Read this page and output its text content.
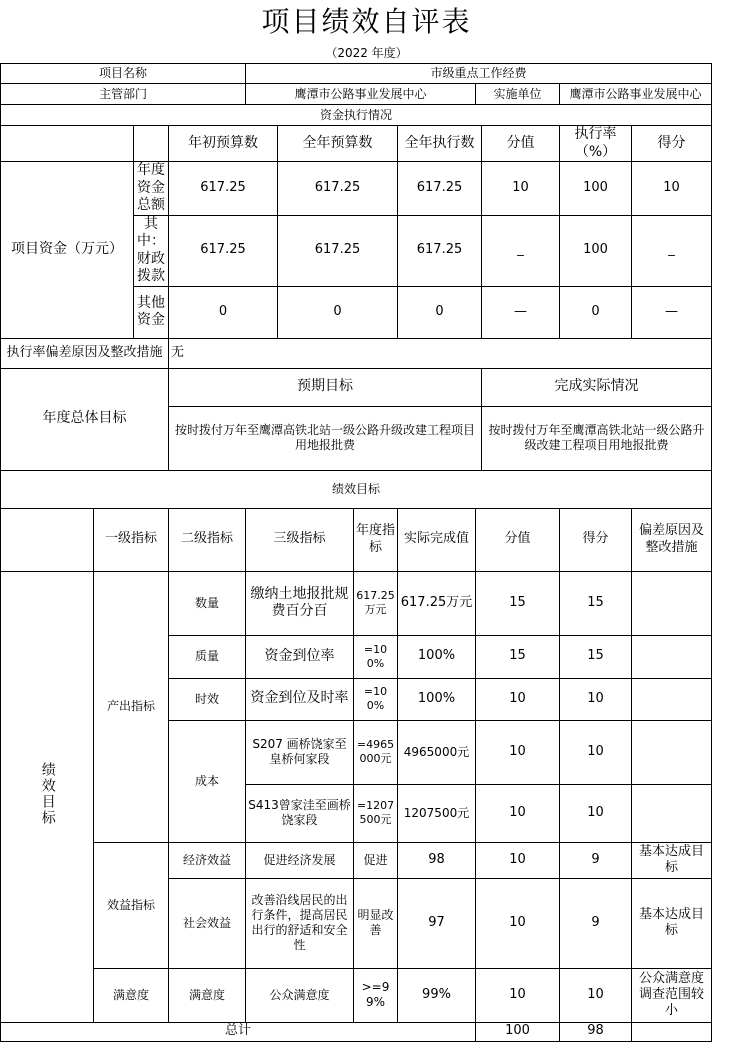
项目绩效自评表
（2022 年度）
项目名称				市级重点工作经费							
主管部门				鹰潭市公路事业发展中心				实施单位		鹰潭市公路事业发展中心	
资金执行情况											
			年初预算数		全年预算数		全年执行数		分值	执行率（%）	得分
项目资金（万元）		年度资金总额	617.25		617.25		617.25		10	100	10
		其中：财政拨款	617.25		617.25		617.25		_	100	_
		其他资金	0		0		0		—	0	—
执行率偏差原因及整改措施			无								
年度总体目标			预期目标						完成实际情况		
			按时拨付万年至鹰潭高铁北站一级公路升级改建工程项目用地报批费						按时拨付万年至鹰潭高铁北站一级公路升级改建工程项目用地报批费		
绩效目标											
	一级指标		二级指标	三级指标		年度指标	实际完成值	分值		得分	偏差原因及整改措施
绩效目标	产出指标		数量	缴纳土地报批规费百分百		617.25万元	617.25万元	15		15	
			质量	资金到位率		=100%	100%	15		15	
			时效	资金到位及时率		=100%	100%	10		10	
			成本	S207 画桥饶家至皇桥何家段		=4965000元	4965000元	10		10	
				S413曾家洼至画桥饶家段		=1207500元	1207500元	10		10	
	效益指标		经济效益	促进经济发展		促进	98	10		9	基本达成目标
			社会效益	改善沿线居民的出行条件，提高居民出行的舒适和安全性		明显改善	97	10		9	基本达成目标
	满意度		满意度	公众满意度		>=99%	99%	10		10	公众满意度调查范围较小
总计								100		98	
